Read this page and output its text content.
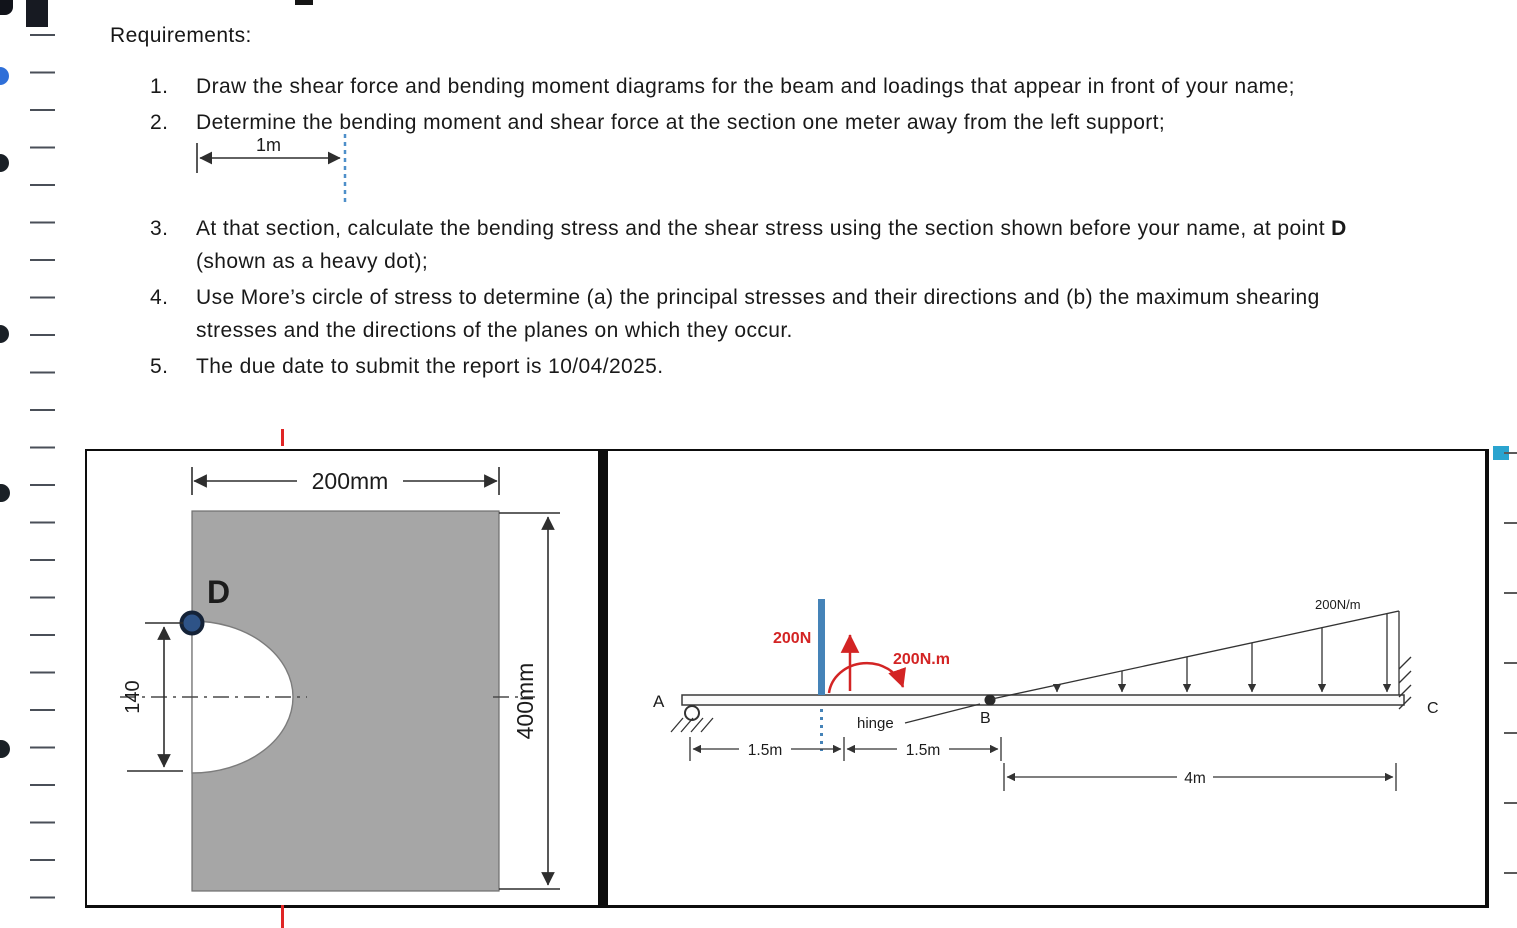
Requirements:
1.	Draw the shear force and bending moment diagrams for the beam and loadings that appear in front of your name;
2.	Determine the bending moment and shear force at the section one meter away from the left support;
1m
3.	At that section, calculate the bending stress and the shear stress using the section shown before your name, at point D (shown as a heavy dot);
4.	Use More’s circle of stress to determine (a) the principal stresses and their directions and (b) the maximum shearing stresses and the directions of the planes on which they occur.
5.	The due date to submit the report is 10/04/2025.
200mm
D
140	400mm	A
200N
200N.m
hinge	B
200N/m
C
1.5m	1.5m
4m
